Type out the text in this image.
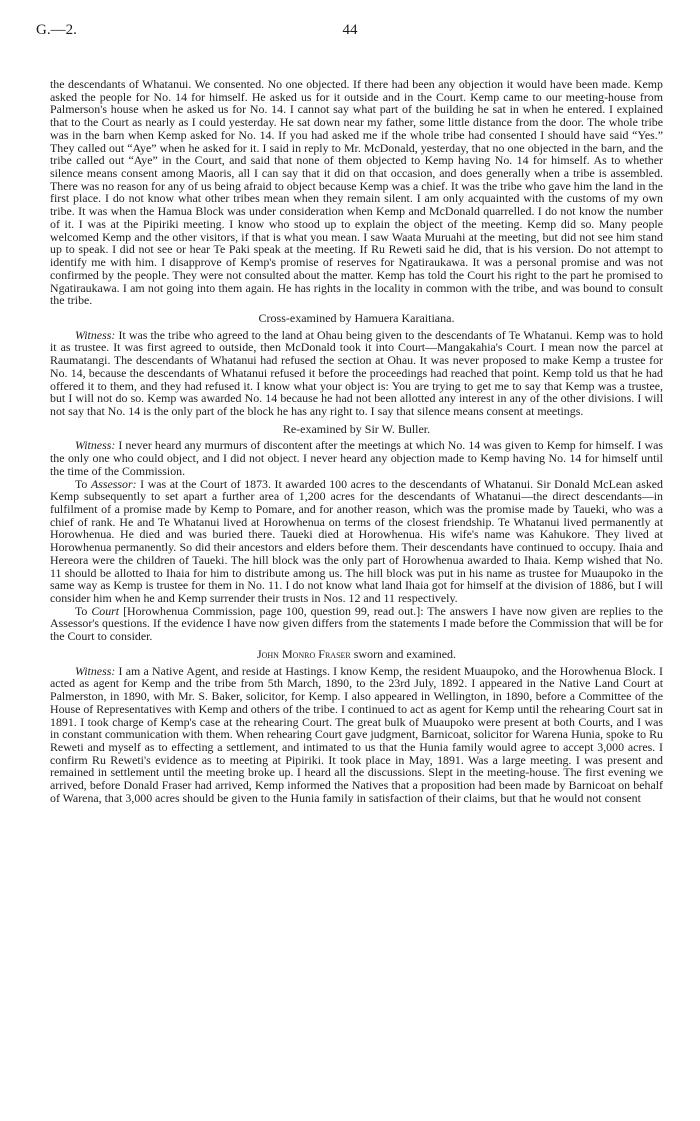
G.—2.	44

the descendants of Whatanui. We consented. No one objected. If there had been any objection it would have been made. Kemp asked the people for No. 14 for himself. He asked us for it outside and in the Court. Kemp came to our meeting-house from Palmerson's house when he asked us for No. 14. I cannot say what part of the building he sat in when he entered. I explained that to the Court as nearly as I could yesterday. He sat down near my father, some little distance from the door. The whole tribe was in the barn when Kemp asked for No. 14. If you had asked me if the whole tribe had consented I should have said “Yes.” They called out “Aye” when he asked for it. I said in reply to Mr. McDonald, yesterday, that no one objected in the barn, and the tribe called out “Aye” in the Court, and said that none of them objected to Kemp having No. 14 for himself. As to whether silence means consent among Maoris, all I can say that it did on that occasion, and does generally when a tribe is assembled. There was no reason for any of us being afraid to object because Kemp was a chief. It was the tribe who gave him the land in the first place. I do not know what other tribes mean when they remain silent. I am only acquainted with the customs of my own tribe. It was when the Hamua Block was under consideration when Kemp and McDonald quarrelled. I do not know the number of it. I was at the Pipiriki meeting. I know who stood up to explain the object of the meeting. Kemp did so. Many people welcomed Kemp and the other visitors, if that is what you mean. I saw Waata Muruahi at the meeting, but did not see him stand up to speak. I did not see or hear Te Paki speak at the meeting. If Ru Reweti said he did, that is his version. Do not attempt to identify me with him. I disapprove of Kemp's promise of reserves for Ngatiraukawa. It was a personal promise and was not confirmed by the people. They were not consulted about the matter. Kemp has told the Court his right to the part he promised to Ngatiraukawa. I am not going into them again. He has rights in the locality in common with the tribe, and was bound to consult the tribe.

Cross-examined by Hamuera Karaitiana.

Witness: It was the tribe who agreed to the land at Ohau being given to the descendants of Te Whatanui. Kemp was to hold it as trustee. It was first agreed to outside, then McDonald took it into Court—Mangakahia's Court. I mean now the parcel at Raumatangi. The descendants of Whatanui had refused the section at Ohau. It was never proposed to make Kemp a trustee for No. 14, because the descendants of Whatanui refused it before the proceedings had reached that point. Kemp told us that he had offered it to them, and they had refused it. I know what your object is: You are trying to get me to say that Kemp was a trustee, but I will not do so. Kemp was awarded No. 14 because he had not been allotted any interest in any of the other divisions. I will not say that No. 14 is the only part of the block he has any right to. I say that silence means consent at meetings.

Re-examined by Sir W. Buller.

Witness: I never heard any murmurs of discontent after the meetings at which No. 14 was given to Kemp for himself. I was the only one who could object, and I did not object. I never heard any objection made to Kemp having No. 14 for himself until the time of the Commission.

To Assessor: I was at the Court of 1873. It awarded 100 acres to the descendants of Whatanui. Sir Donald McLean asked Kemp subsequently to set apart a further area of 1,200 acres for the descendants of Whatanui—the direct descendants—in fulfilment of a promise made by Kemp to Pomare, and for another reason, which was the promise made by Taueki, who was a chief of rank. He and Te Whatanui lived at Horowhenua on terms of the closest friendship. Te Whatanui lived permanently at Horowhenua. He died and was buried there. Taueki died at Horowhenua. His wife's name was Kahukore. They lived at Horowhenua permanently. So did their ancestors and elders before them. Their descendants have continued to occupy. Ihaia and Hereora were the children of Taueki. The hill block was the only part of Horowhenua awarded to Ihaia. Kemp wished that No. 11 should be allotted to Ihaia for him to distribute among us. The hill block was put in his name as trustee for Muaupoko in the same way as Kemp is trustee for them in No. 11. I do not know what land Ihaia got for himself at the division of 1886, but I will consider him when he and Kemp surrender their trusts in Nos. 12 and 11 respectively.

To Court [Horowhenua Commission, page 100, question 99, read out.]: The answers I have now given are replies to the Assessor's questions. If the evidence I have now given differs from the statements I made before the Commission that will be for the Court to consider.

John Monro Fraser sworn and examined.

Witness: I am a Native Agent, and reside at Hastings. I know Kemp, the resident Muaupoko, and the Horowhenua Block. I acted as agent for Kemp and the tribe from 5th March, 1890, to the 23rd July, 1892. I appeared in the Native Land Court at Palmerston, in 1890, with Mr. S. Baker, solicitor, for Kemp. I also appeared in Wellington, in 1890, before a Committee of the House of Representatives with Kemp and others of the tribe. I continued to act as agent for Kemp until the rehearing Court sat in 1891. I took charge of Kemp's case at the rehearing Court. The great bulk of Muaupoko were present at both Courts, and I was in constant communication with them. When rehearing Court gave judgment, Barnicoat, solicitor for Warena Hunia, spoke to Ru Reweti and myself as to effecting a settlement, and intimated to us that the Hunia family would agree to accept 3,000 acres. I confirm Ru Reweti's evidence as to meeting at Pipiriki. It took place in May, 1891. Was a large meeting. I was present and remained in settlement until the meeting broke up. I heard all the discussions. Slept in the meeting-house. The first evening we arrived, before Donald Fraser had arrived, Kemp informed the Natives that a proposition had been made by Barnicoat on behalf of Warena, that 3,000 acres should be given to the Hunia family in satisfaction of their claims, but that he would not consent
